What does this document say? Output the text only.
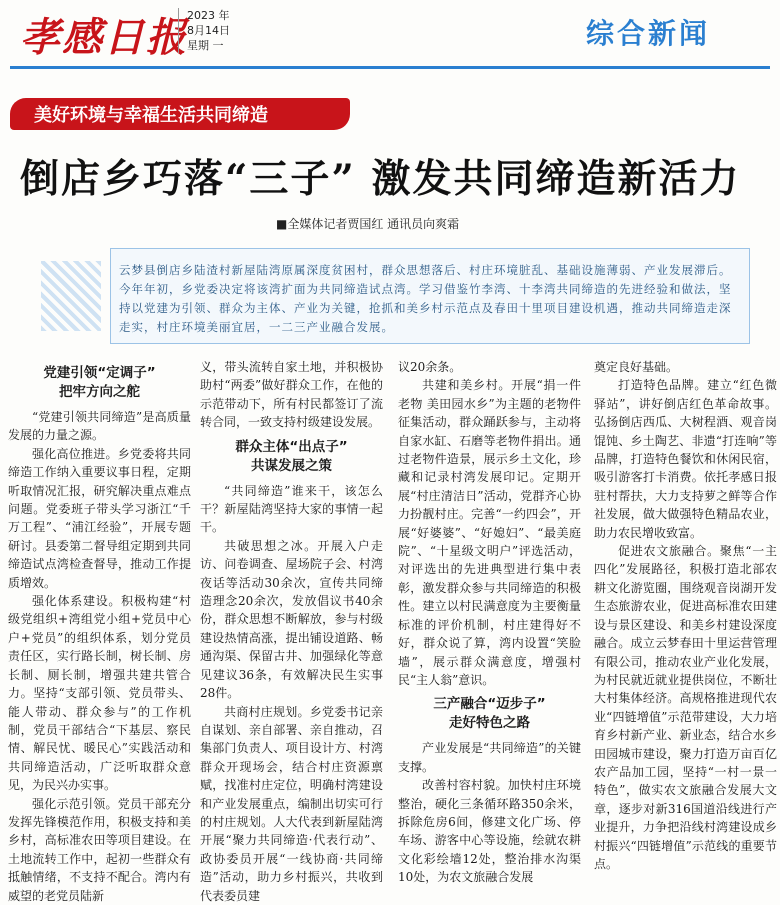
孝感日报 2023 年
8月14日
星期 一	综合新闻
美好环境与幸福生活共同缔造
倒店乡巧落“三子” 激发共同缔造新活力
■全媒体记者贾国红 通讯员向爽霜

云梦县倒店乡陆渣村新屋陆湾原属深度贫困村，群众思想落后、村庄环境脏乱、基础设施薄弱、产业发展滞后。今年年初，乡党委决定将该湾扩面为共同缔造试点湾。学习借鉴竹李湾、十李湾共同缔造的先进经验和做法，坚持以党建为引领、群众为主体、产业为关键，抢抓和美乡村示范点及春田十里项目建设机遇，推动共同缔造走深走实，村庄环境美丽宜居，一二三产业融合发展。

党建引领“定调子”
把牢方向之舵

“党建引领共同缔造”是高质量发展的力量之源。

强化高位推进。乡党委将共同缔造工作纳入重要议事日程，定期听取情况汇报，研究解决重点难点问题。党委班子带头学习浙江“千万工程”、“浦江经验”，开展专题研讨。县委第二督导组定期到共同缔造试点湾检查督导，推动工作提质增效。

强化体系建设。积极构建“村级党组织+湾组党小组+党员中心户+党员”的组织体系，划分党员责任区，实行路长制，树长制、房长制、厕长制，增强共建共管合力。坚持“支部引领、党员带头、能人带动、群众参与”的工作机制，党员干部结合“下基层、察民情、解民忧、暖民心”实践活动和共同缔造活动，广泛听取群众意见，为民兴办实事。

强化示范引领。党员干部充分发挥先锋模范作用，积极支持和美乡村，高标准农田等项目建设。在土地流转工作中，起初一些群众有抵触情绪，不支持不配合。湾内有威望的老党员陆新

义，带头流转自家土地，并积极协助村“两委”做好群众工作，在他的示范带动下，所有村民都签订了流转合同，一致支持村级建设发展。

群众主体“出点子”
共谋发展之策

“共同缔造”谁来干，该怎么干？新屋陆湾坚持大家的事情一起干。

共破思想之冰。开展入户走访、问卷调查、屋场院子会、村湾夜话等活动30余次，宣传共同缔造理念20余次，发放倡议书40余份，群众思想不断解放，参与村级建设热情高涨，提出铺设道路、畅通沟渠、保留古井、加强绿化等意见建议36条，有效解决民生实事28件。

共商村庄规划。乡党委书记亲自谋划、亲自部署、亲自推动，召集部门负责人、项目设计方、村湾群众开现场会，结合村庄资源禀赋，找准村庄定位，明确村湾建设和产业发展重点，编制出切实可行的村庄规划。人大代表到新屋陆湾开展“聚力共同缔造·代表行动”、政协委员开展“一线协商·共同缔造”活动，助力乡村振兴，共收到代表委员建

议20余条。

共建和美乡村。开展“捐一件老物 美田园水乡”为主题的老物件征集活动，群众踊跃参与，主动将自家水缸、石磨等老物件捐出。通过老物件造景，展示乡土文化，珍藏和记录村湾发展印记。定期开展“村庄清洁日”活动，党群齐心协力扮靓村庄。完善“一约四会”，开展“好婆婆”、“好媳妇”、“最美庭院”、“十星级文明户”评选活动，对评选出的先进典型进行集中表彰，激发群众参与共同缔造的积极性。建立以村民满意度为主要衡量标准的评价机制，村庄建得好不好，群众说了算，湾内设置“笑脸墙”，展示群众满意度，增强村民“主人翁”意识。

三产融合“迈步子”
走好特色之路

产业发展是“共同缔造”的关键支撑。

改善村容村貌。加快村庄环境整治，硬化三条循环路350余米，拆除危房6间，修建文化广场、停车场、游客中心等设施，绘就农耕文化彩绘墙12处，整治排水沟渠10处，为农文旅融合发展

奠定良好基础。

打造特色品牌。建立“红色微驿站”，讲好倒店红色革命故事。弘扬倒店西瓜、大树程酒、观音岗馄饨、乡土陶艺、非遗“打连响”等品牌，打造特色餐饮和休闲民宿，吸引游客打卡消费。依托孝感日报驻村帮扶，大力支持萝之鲜等合作社发展，做大做强特色精品农业，助力农民增收致富。

促进农文旅融合。聚焦“一主四化”发展路径，积极打造北部农耕文化游览圈，围绕观音岗湖开发生态旅游农业，促进高标准农田建设与景区建设、和美乡村建设深度融合。成立云梦春田十里运营管理有限公司，推动农业产业化发展，为村民就近就业提供岗位，不断壮大村集体经济。高规格推进现代农业“四链增值”示范带建设，大力培育乡村新产业、新业态，结合水乡田园城市建设，聚力打造万亩百亿农产品加工园，坚持“一村一景一特色”，做实农文旅融合发展大文章，逐步对新316国道沿线进行产业提升，力争把沿线村湾建设成乡村振兴“四链增值”示范线的重要节点。
